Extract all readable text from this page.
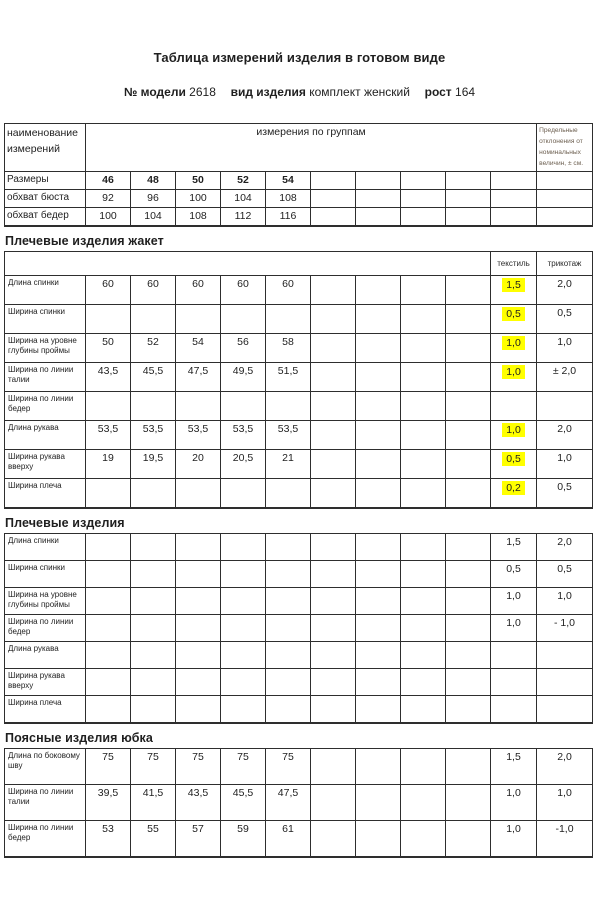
Таблица измерений изделия в готовом виде
№ модели 2618 вид изделия комплект женский рост 164
наименование измерений	измерения по группам										Предельные отклонения от номинальных величин, ± см.
Размеры	46	48	50	52	54						
обхват бюста	92	96	100	104	108						
обхват бедер	100	104	108	112	116						
Плечевые изделия жакет
										текстиль	трикотаж
Длина спинки	60	60	60	60	60					1,5	2,0
Ширина спинки										0,5	0,5
Ширина на уровне глубины проймы	50	52	54	56	58					1,0	1,0
Ширина по линии талии	43,5	45,5	47,5	49,5	51,5					1,0	± 2,0
Ширина по линии бедер											
Длина рукава	53,5	53,5	53,5	53,5	53,5					1,0	2,0
Ширина рукава вверху	19	19,5	20	20,5	21					0,5	1,0
Ширина плеча										0,2	0,5
Плечевые изделия
Длина спинки										1,5	2,0
Ширина спинки										0,5	0,5
Ширина на уровне глубины проймы										1,0	1,0
Ширина по линии бедер										1,0	- 1,0
Длина рукава											
Ширина рукава вверху											
Ширина плеча											
Поясные изделия юбка
Длина по боковому шву	75	75	75	75	75					1,5	2,0
Ширина по линии талии	39,5	41,5	43,5	45,5	47,5					1,0	1,0
Ширина по линии бедер	53	55	57	59	61					1,0	-1,0
